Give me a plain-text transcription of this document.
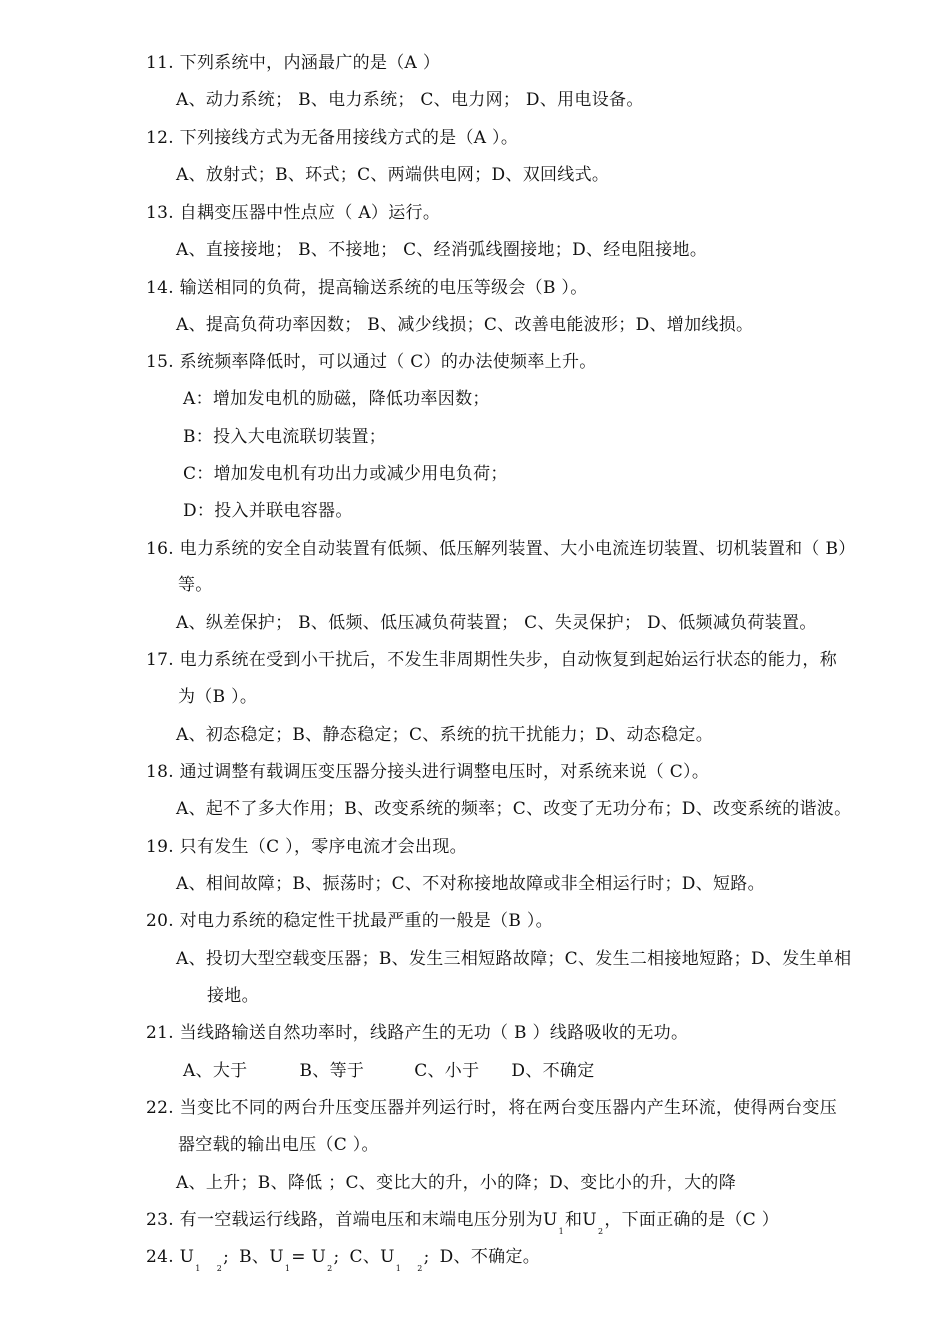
11. 下列系统中，内涵最广的是（A ）
A、动力系统； B、电力系统； C、电力网； D、用电设备。
12. 下列接线方式为无备用接线方式的是（A ）。
A、放射式；B、环式；C、两端供电网；D、双回线式。
13. 自耦变压器中性点应（ A）运行。
A、直接接地； B、不接地； C、经消弧线圈接地；D、经电阻接地。
14. 输送相同的负荷，提高输送系统的电压等级会（B ）。
A、提高负荷功率因数； B、减少线损；C、改善电能波形；D、增加线损。
15. 系统频率降低时，可以通过（ C）的办法使频率上升。
A：增加发电机的励磁，降低功率因数；
B：投入大电流联切装置；
C：增加发电机有功出力或减少用电负荷；
D：投入并联电容器。
16. 电力系统的安全自动装置有低频、低压解列装置、大小电流连切装置、切机装置和（ B）
等。
A、纵差保护； B、低频、低压减负荷装置； C、失灵保护； D、低频减负荷装置。
17. 电力系统在受到小干扰后，不发生非周期性失步，自动恢复到起始运行状态的能力，称
为（B ）。
A、初态稳定；B、静态稳定；C、系统的抗干扰能力；D、动态稳定。
18. 通过调整有载调压变压器分接头进行调整电压时，对系统来说（ C）。
A、起不了多大作用；B、改变系统的频率；C、改变了无功分布；D、改变系统的谐波。
19. 只有发生（C ），零序电流才会出现。
A、相间故障；B、振荡时；C、不对称接地故障或非全相运行时；D、短路。
20. 对电力系统的稳定性干扰最严重的一般是（B ）。
A、投切大型空载变压器；B、发生三相短路故障；C、发生二相接地短路；D、发生单相
接地。
21. 当线路输送自然功率时，线路产生的无功（ B ）线路吸收的无功。
A、大于	B、等于	C、小于 D、不确定
22. 当变比不同的两台升压变压器并列运行时，将在两台变压器内产生环流，使得两台变压
器空载的输出电压（C ）。
A、上升；B、降低 ；C、变比大的升，小的降；D、变比小的升，大的降
23. 有一空载运行线路，首端电压和末端电压分别为$U_1$和$U_2$，下面正确的是（C ）
24. $U_1$ $_2$; B、$U_1= U_2$; C、$U_1$ $_2$; D、不确定。
